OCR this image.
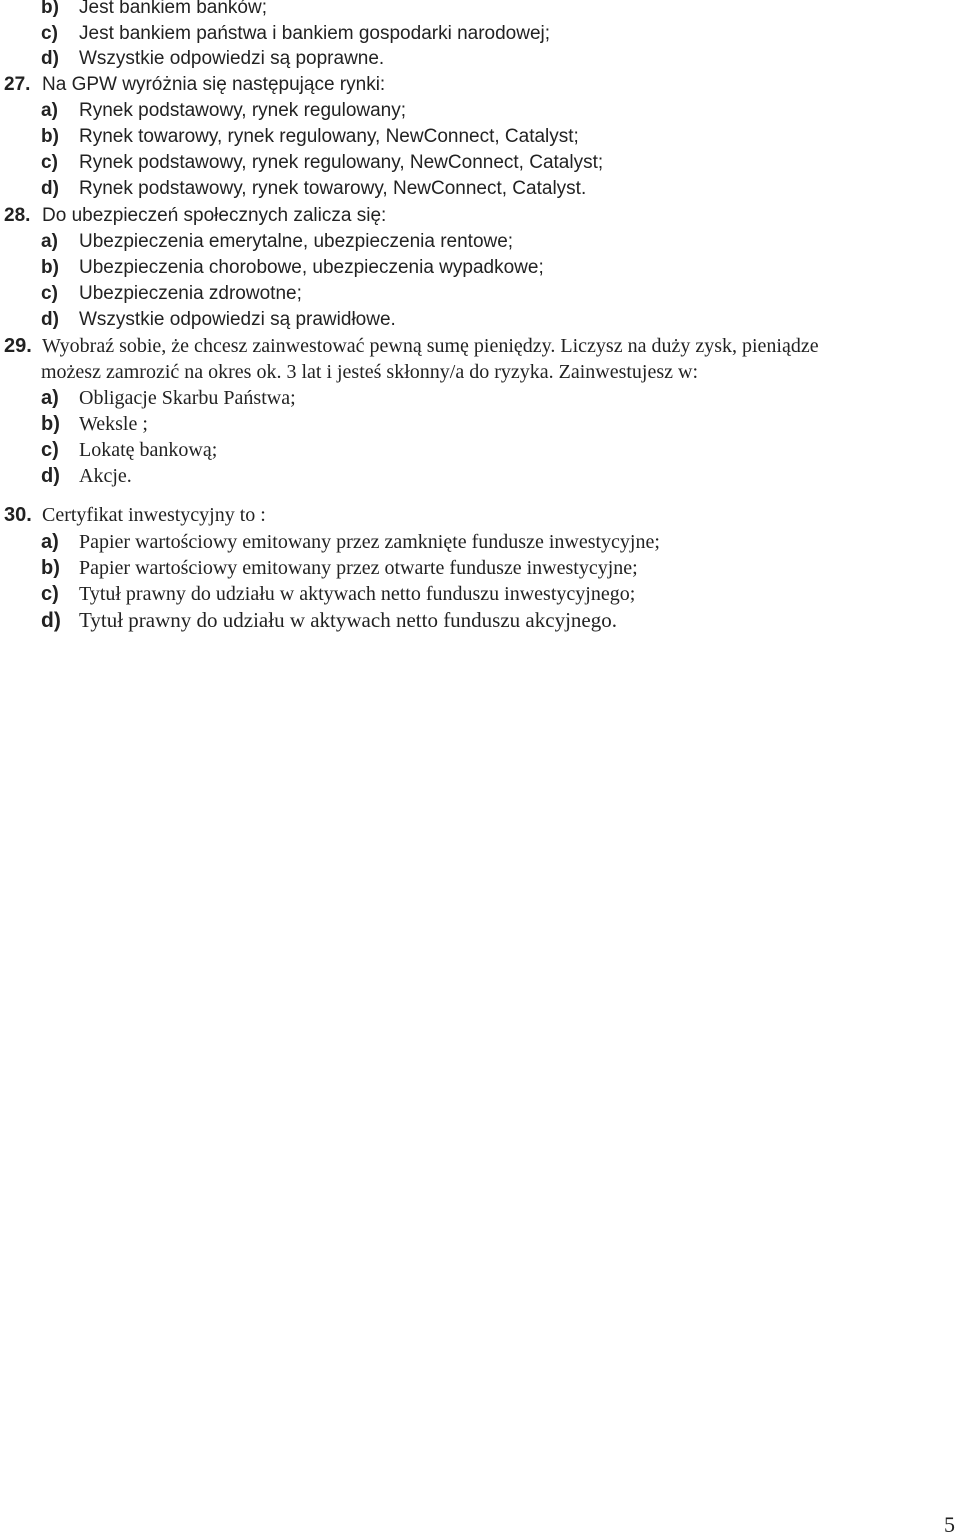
b) Jest bankiem banków;
c) Jest bankiem państwa i bankiem gospodarki narodowej;
d) Wszystkie odpowiedzi są poprawne.
27. Na GPW wyróżnia się następujące rynki:
a) Rynek podstawowy, rynek regulowany;
b) Rynek towarowy, rynek regulowany, NewConnect, Catalyst;
c) Rynek podstawowy, rynek regulowany, NewConnect, Catalyst;
d) Rynek podstawowy, rynek towarowy, NewConnect, Catalyst.
28. Do ubezpieczeń społecznych zalicza się:
a) Ubezpieczenia emerytalne, ubezpieczenia rentowe;
b) Ubezpieczenia chorobowe, ubezpieczenia wypadkowe;
c) Ubezpieczenia zdrowotne;
d) Wszystkie odpowiedzi są prawidłowe.
29. Wyobraź sobie, że chcesz zainwestować pewną sumę pieniędzy. Liczysz na duży zysk, pieniądze
możesz zamrozić na okres ok. 3 lat i jesteś skłonny/a do ryzyka. Zainwestujesz w:
a) Obligacje Skarbu Państwa;
b) Weksle ;
c) Lokatę bankową;
d) Akcje.
30. Certyfikat inwestycyjny to :
a) Papier wartościowy emitowany przez zamknięte fundusze inwestycyjne;
b) Papier wartościowy emitowany przez otwarte fundusze inwestycyjne;
c) Tytuł prawny do udziału w aktywach netto funduszu inwestycyjnego;
d) Tytuł prawny do udziału w aktywach netto funduszu akcyjnego.
5
